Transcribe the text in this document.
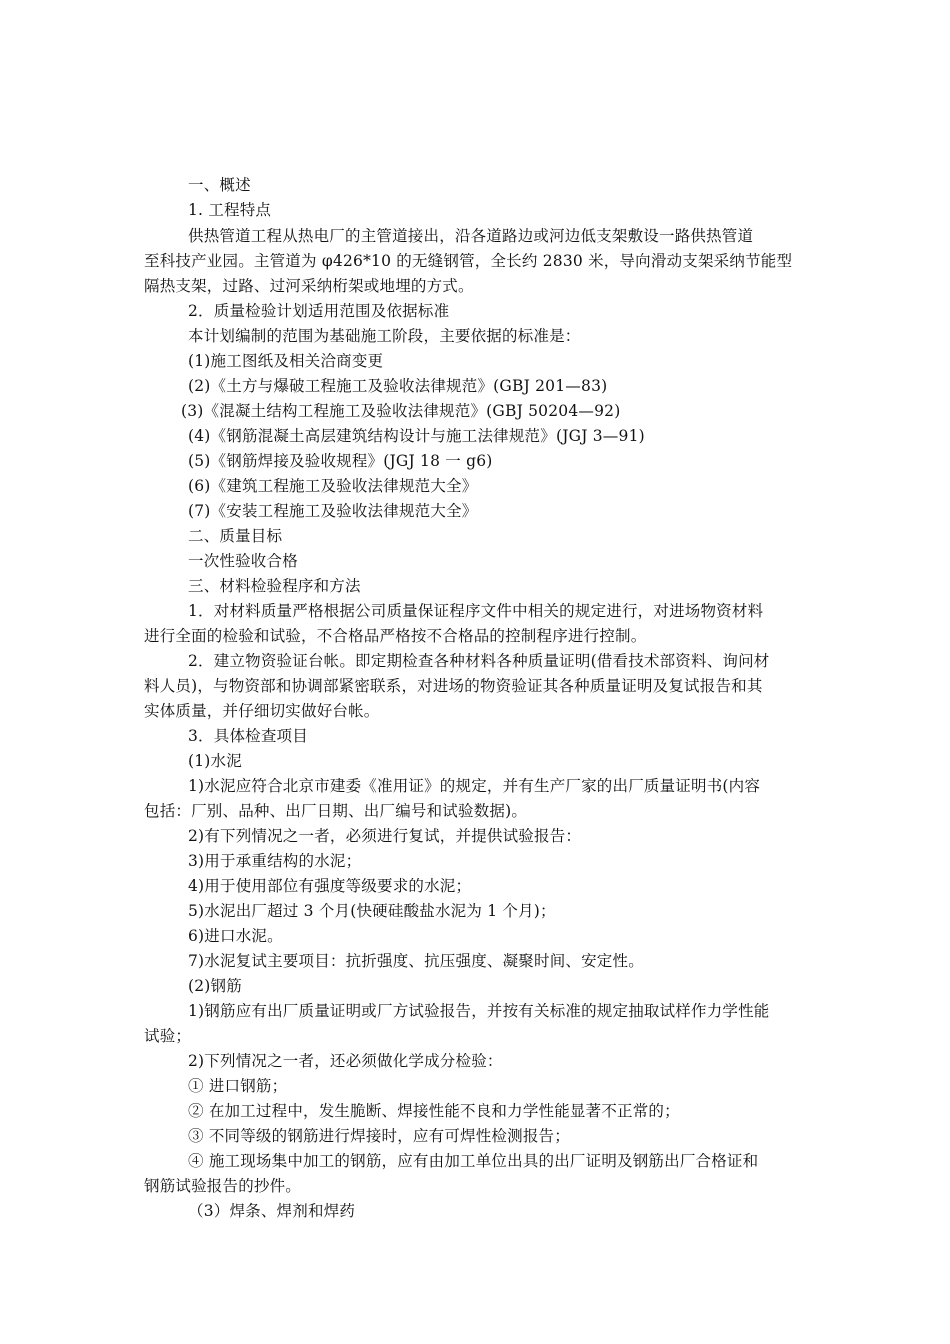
一、概述
1. 工程特点
供热管道工程从热电厂的主管道接出，沿各道路边或河边低支架敷设一路供热管道
至科技产业园。主管道为 φ426*10 的无缝钢管，全长约 2830 米，导向滑动支架采纳节能型
隔热支架，过路、过河采纳桁架或地埋的方式。
2．质量检验计划适用范围及依据标准
本计划编制的范围为基础施工阶段，主要依据的标准是：
(1)施工图纸及相关洽商变更
(2)《土方与爆破工程施工及验收法律规范》(GBJ 201—83)
(3)《混凝土结构工程施工及验收法律规范》(GBJ 50204—92)
(4)《钢筋混凝土高层建筑结构设计与施工法律规范》(JGJ 3—91)
(5)《钢筋焊接及验收规程》(JGJ 18 一 g6)
(6)《建筑工程施工及验收法律规范大全》
(7)《安装工程施工及验收法律规范大全》
二、质量目标
一次性验收合格
三、材料检验程序和方法
1．对材料质量严格根据公司质量保证程序文件中相关的规定进行，对进场物资材料
进行全面的检验和试验，不合格品严格按不合格品的控制程序进行控制。
2．建立物资验证台帐。即定期检查各种材料各种质量证明(借看技术部资料、询问材
料人员)，与物资部和协调部紧密联系，对进场的物资验证其各种质量证明及复试报告和其
实体质量，并仔细切实做好台帐。
3．具体检查项目
(1)水泥
1)水泥应符合北京市建委《准用证》的规定，并有生产厂家的出厂质量证明书(内容
包括：厂别、品种、出厂日期、出厂编号和试验数据)。
2)有下列情况之一者，必须进行复试，并提供试验报告：
3)用于承重结构的水泥；
4)用于使用部位有强度等级要求的水泥；
5)水泥出厂超过 3 个月(快硬硅酸盐水泥为 1 个月)；
6)进口水泥。
7)水泥复试主要项目：抗折强度、抗压强度、凝聚时间、安定性。
(2)钢筋
1)钢筋应有出厂质量证明或厂方试验报告，并按有关标准的规定抽取试样作力学性能
试验；
2)下列情况之一者，还必须做化学成分检验：
① 进口钢筋；
② 在加工过程中，发生脆断、焊接性能不良和力学性能显著不正常的；
③ 不同等级的钢筋进行焊接时，应有可焊性检测报告；
④ 施工现场集中加工的钢筋，应有由加工单位出具的出厂证明及钢筋出厂合格证和
钢筋试验报告的抄件。
（3）焊条、焊剂和焊药
